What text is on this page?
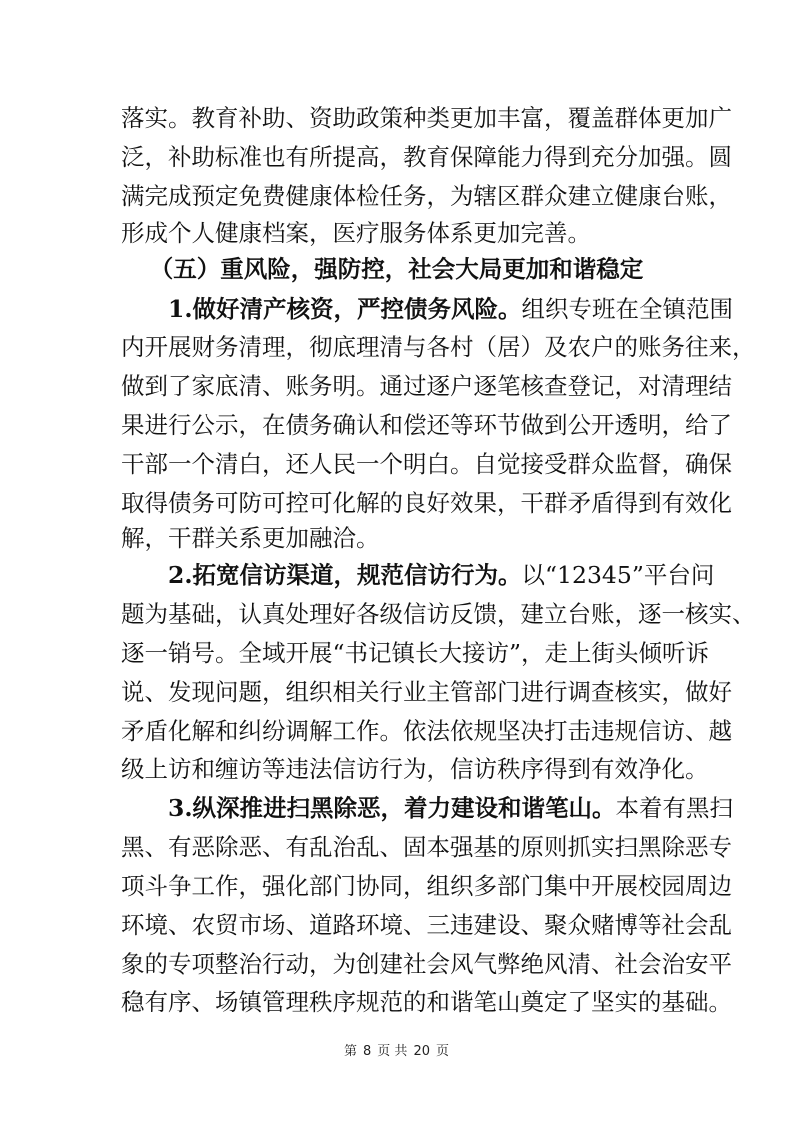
落实。教育补助、资助政策种类更加丰富，覆盖群体更加广
泛，补助标准也有所提高，教育保障能力得到充分加强。圆
满完成预定免费健康体检任务，为辖区群众建立健康台账，
形成个人健康档案，医疗服务体系更加完善。
（五）重风险，强防控，社会大局更加和谐稳定
1.做好清产核资，严控债务风险。组织专班在全镇范围
内开展财务清理，彻底理清与各村（居）及农户的账务往来，
做到了家底清、账务明。通过逐户逐笔核查登记，对清理结
果进行公示，在债务确认和偿还等环节做到公开透明，给了
干部一个清白，还人民一个明白。自觉接受群众监督，确保
取得债务可防可控可化解的良好效果，干群矛盾得到有效化
解，干群关系更加融洽。
2.拓宽信访渠道，规范信访行为。以“12345”平台问
题为基础，认真处理好各级信访反馈，建立台账，逐一核实、
逐一销号。全域开展“书记镇长大接访”，走上街头倾听诉
说、发现问题，组织相关行业主管部门进行调查核实，做好
矛盾化解和纠纷调解工作。依法依规坚决打击违规信访、越
级上访和缠访等违法信访行为，信访秩序得到有效净化。
3.纵深推进扫黑除恶，着力建设和谐笔山。本着有黑扫
黑、有恶除恶、有乱治乱、固本强基的原则抓实扫黑除恶专
项斗争工作，强化部门协同，组织多部门集中开展校园周边
环境、农贸市场、道路环境、三违建设、聚众赌博等社会乱
象的专项整治行动，为创建社会风气弊绝风清、社会治安平
稳有序、场镇管理秩序规范的和谐笔山奠定了坚实的基础。
第 8 页 共 20 页
